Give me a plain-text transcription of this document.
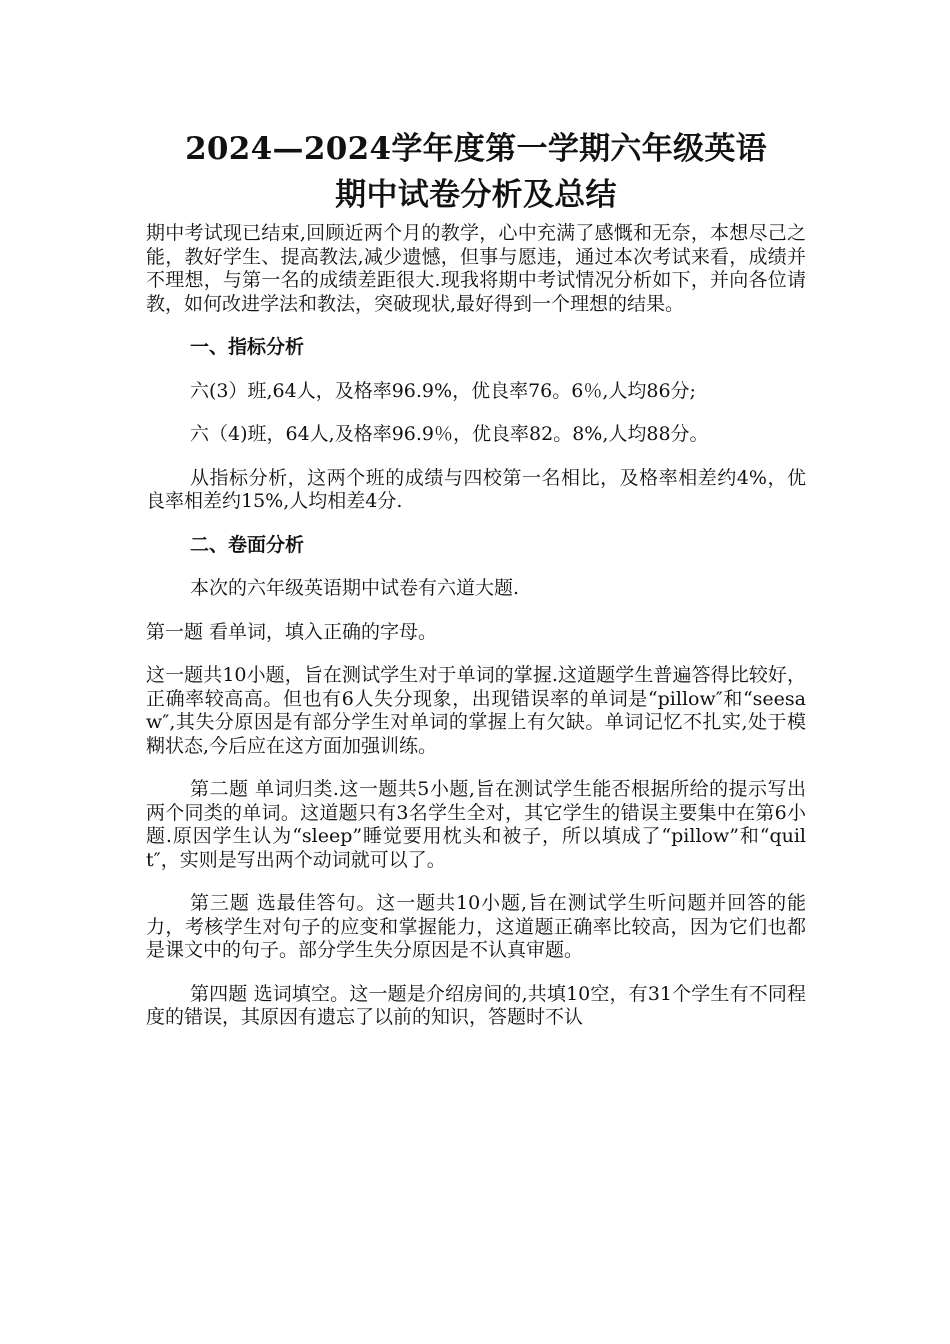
2024—2024学年度第一学期六年级英语
期中试卷分析及总结

期中考试现已结束,回顾近两个月的教学，心中充满了感慨和无奈，本想尽己之能，教好学生、提高教法,减少遗憾，但事与愿违，通过本次考试来看，成绩并不理想，与第一名的成绩差距很大.现我将期中考试情况分析如下，并向各位请教，如何改进学法和教法，突破现状,最好得到一个理想的结果。

一、指标分析

六(3）班,64人，及格率96.9%，优良率76。6％,人均86分;

六（4)班，64人,及格率96.9％，优良率82。8%,人均88分。

从指标分析，这两个班的成绩与四校第一名相比，及格率相差约4%，优良率相差约15%,人均相差4分.

二、卷面分析

本次的六年级英语期中试卷有六道大题.

第一题 看单词，填入正确的字母。

这一题共10小题，旨在测试学生对于单词的掌握.这道题学生普遍答得比较好，正确率较高高。但也有6人失分现象，出现错误率的单词是“pillow″和“seesaw″,其失分原因是有部分学生对单词的掌握上有欠缺。单词记忆不扎实,处于模糊状态,今后应在这方面加强训练。

第二题 单词归类.这一题共5小题,旨在测试学生能否根据所给的提示写出两个同类的单词。这道题只有3名学生全对，其它学生的错误主要集中在第6小题.原因学生认为“sleep”睡觉要用枕头和被子，所以填成了“pillow”和“quilt″，实则是写出两个动词就可以了。

第三题 选最佳答句。这一题共10小题,旨在测试学生听问题并回答的能力，考核学生对句子的应变和掌握能力，这道题正确率比较高，因为它们也都是课文中的句子。部分学生失分原因是不认真审题。

第四题 选词填空。这一题是介绍房间的,共填10空，有31个学生有不同程度的错误，其原因有遗忘了以前的知识，答题时不认
